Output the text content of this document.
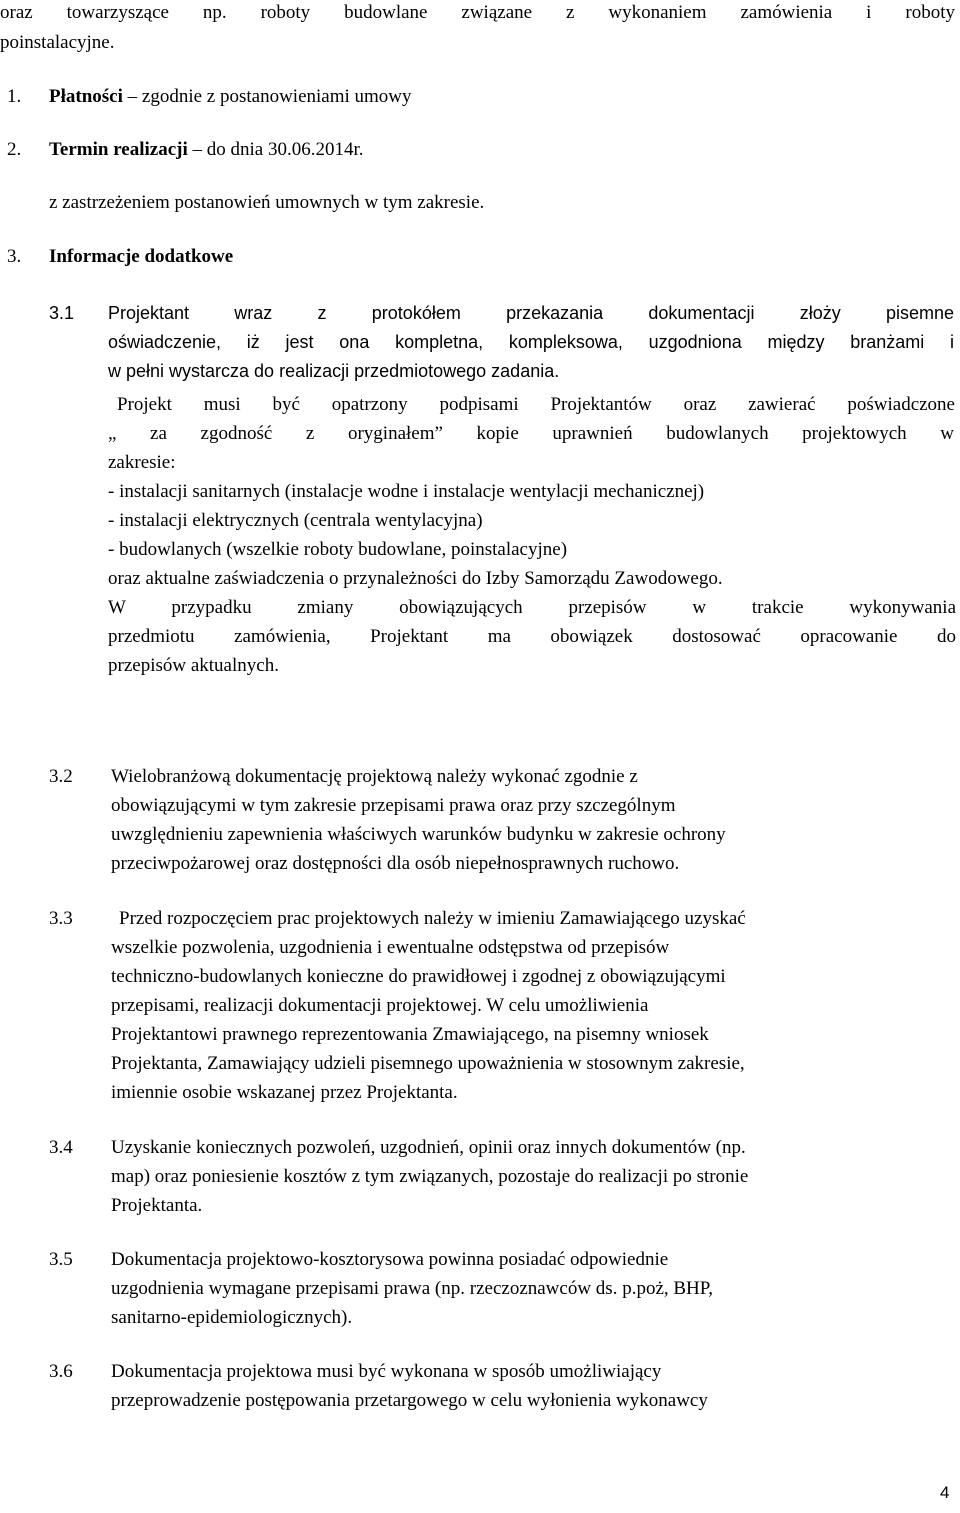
oraz towarzyszące np. roboty budowlane związane z wykonaniem zamówienia i roboty
poinstalacyjne.
1. Płatności – zgodnie z postanowieniami umowy
2. Termin realizacji – do dnia 30.06.2014r.
z zastrzeżeniem postanowień umownych w tym zakresie.
3. Informacje dodatkowe
3.1 Projektant wraz z protokółem przekazania dokumentacji złoży pisemne
oświadczenie, iż jest ona kompletna, kompleksowa, uzgodniona między branżami i
w pełni wystarcza do realizacji przedmiotowego zadania.
Projekt musi być opatrzony podpisami Projektantów oraz zawierać poświadczone
„ za zgodność z oryginałem” kopie uprawnień budowlanych projektowych w
zakresie:
- instalacji sanitarnych (instalacje wodne i instalacje wentylacji mechanicznej)
- instalacji elektrycznych (centrala wentylacyjna)
- budowlanych (wszelkie roboty budowlane, poinstalacyjne)
oraz aktualne zaświadczenia o przynależności do Izby Samorządu Zawodowego.
W przypadku zmiany obowiązujących przepisów w trakcie wykonywania
przedmiotu zamówienia, Projektant ma obowiązek dostosować opracowanie do
przepisów aktualnych.
3.2 Wielobranżową dokumentację projektową należy wykonać zgodnie z
obowiązującymi w tym zakresie przepisami prawa oraz przy szczególnym
uwzględnieniu zapewnienia właściwych warunków budynku w zakresie ochrony
przeciwpożarowej oraz dostępności dla osób niepełnosprawnych ruchowo.
3.3 Przed rozpoczęciem prac projektowych należy w imieniu Zamawiającego uzyskać
wszelkie pozwolenia, uzgodnienia i ewentualne odstępstwa od przepisów
techniczno-budowlanych konieczne do prawidłowej i zgodnej z obowiązującymi
przepisami, realizacji dokumentacji projektowej. W celu umożliwienia
Projektantowi prawnego reprezentowania Zmawiającego, na pisemny wniosek
Projektanta, Zamawiający udzieli pisemnego upoważnienia w stosownym zakresie,
imiennie osobie wskazanej przez Projektanta.
3.4 Uzyskanie koniecznych pozwoleń, uzgodnień, opinii oraz innych dokumentów (np.
map) oraz poniesienie kosztów z tym związanych, pozostaje do realizacji po stronie
Projektanta.
3.5 Dokumentacja projektowo-kosztorysowa powinna posiadać odpowiednie
uzgodnienia wymagane przepisami prawa (np. rzeczoznawców ds. p.poż, BHP,
sanitarno-epidemiologicznych).
3.6 Dokumentacja projektowa musi być wykonana w sposób umożliwiający
przeprowadzenie postępowania przetargowego w celu wyłonienia wykonawcy
4
